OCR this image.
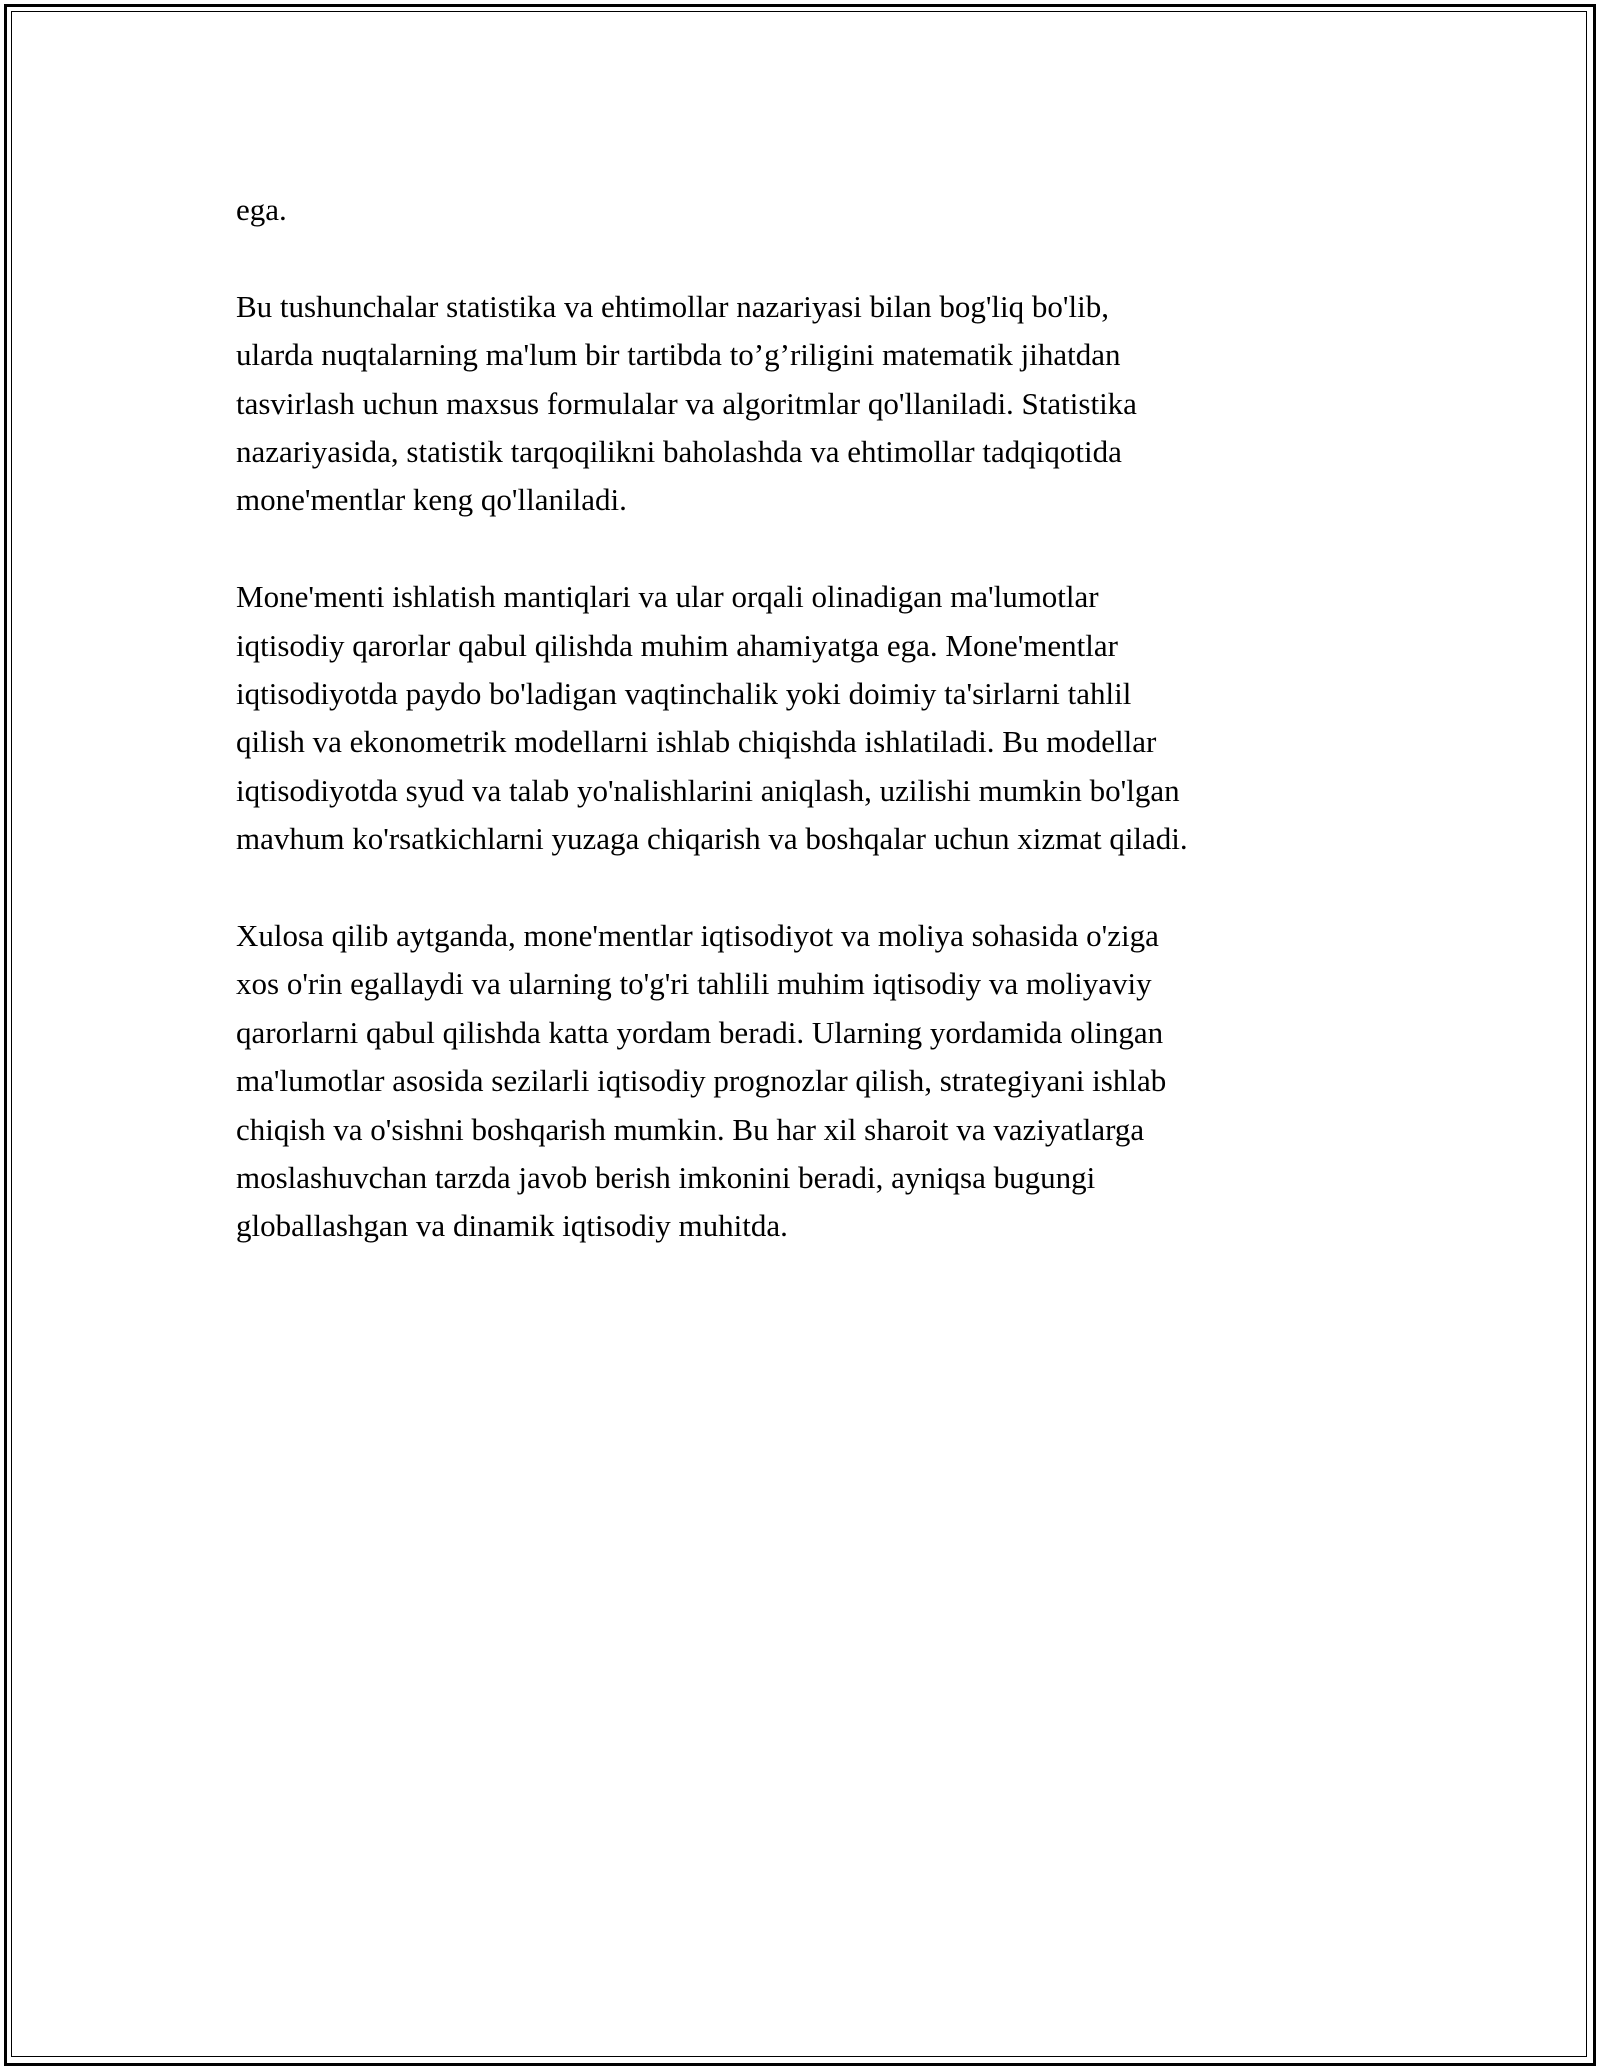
ega.

Bu tushunchalar statistika va ehtimollar nazariyasi bilan bog'liq bo'lib,
ularda nuqtalarning ma'lum bir tartibda to’g’riligini matematik jihatdan
tasvirlash uchun maxsus formulalar va algoritmlar qo'llaniladi. Statistika
nazariyasida, statistik tarqoqilikni baholashda va ehtimollar tadqiqotida
mone'mentlar keng qo'llaniladi.

Mone'menti ishlatish mantiqlari va ular orqali olinadigan ma'lumotlar
iqtisodiy qarorlar qabul qilishda muhim ahamiyatga ega. Mone'mentlar
iqtisodiyotda paydo bo'ladigan vaqtinchalik yoki doimiy ta'sirlarni tahlil
qilish va ekonometrik modellarni ishlab chiqishda ishlatiladi. Bu modellar
iqtisodiyotda syud va talab yo'nalishlarini aniqlash, uzilishi mumkin bo'lgan
mavhum ko'rsatkichlarni yuzaga chiqarish va boshqalar uchun xizmat qiladi.

Xulosa qilib aytganda, mone'mentlar iqtisodiyot va moliya sohasida o'ziga
xos o'rin egallaydi va ularning to'g'ri tahlili muhim iqtisodiy va moliyaviy
qarorlarni qabul qilishda katta yordam beradi. Ularning yordamida olingan
ma'lumotlar asosida sezilarli iqtisodiy prognozlar qilish, strategiyani ishlab
chiqish va o'sishni boshqarish mumkin. Bu har xil sharoit va vaziyatlarga
moslashuvchan tarzda javob berish imkonini beradi, ayniqsa bugungi
globallashgan va dinamik iqtisodiy muhitda.
